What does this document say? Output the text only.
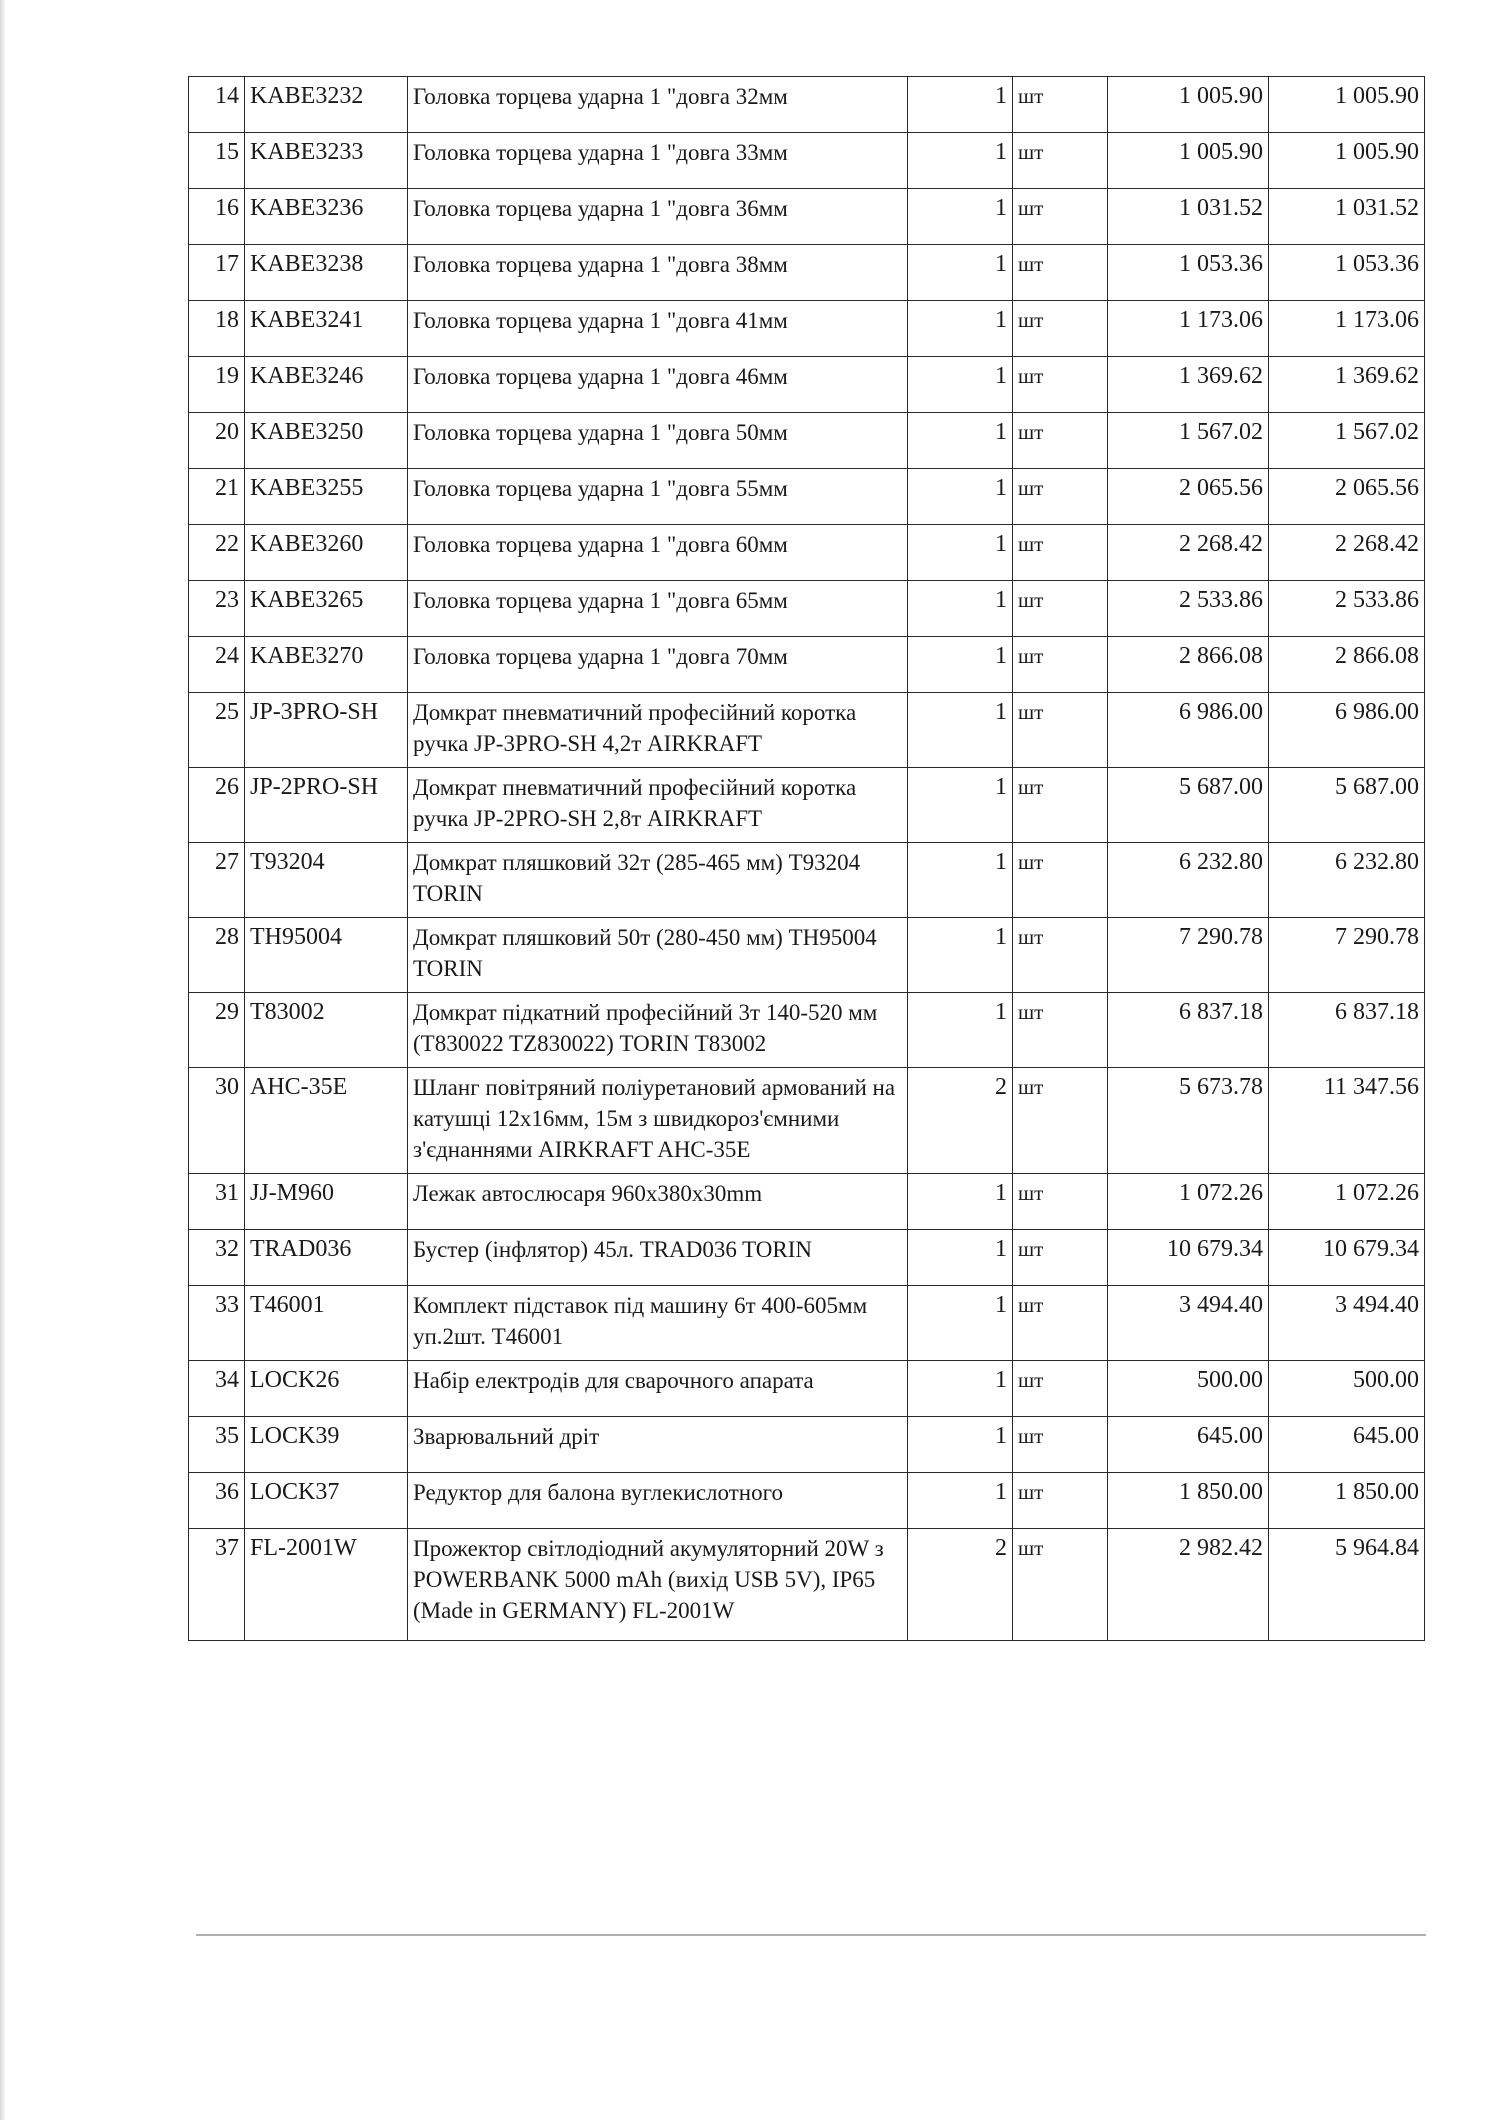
14	KABE3232	Головка торцева ударна 1 "довга 32мм	1	шт	1 005.90	1 005.90
15	KABE3233	Головка торцева ударна 1 "довга 33мм	1	шт	1 005.90	1 005.90
16	KABE3236	Головка торцева ударна 1 "довга 36мм	1	шт	1 031.52	1 031.52
17	KABE3238	Головка торцева ударна 1 "довга 38мм	1	шт	1 053.36	1 053.36
18	KABE3241	Головка торцева ударна 1 "довга 41мм	1	шт	1 173.06	1 173.06
19	KABE3246	Головка торцева ударна 1 "довга 46мм	1	шт	1 369.62	1 369.62
20	KABE3250	Головка торцева ударна 1 "довга 50мм	1	шт	1 567.02	1 567.02
21	KABE3255	Головка торцева ударна 1 "довга 55мм	1	шт	2 065.56	2 065.56
22	KABE3260	Головка торцева ударна 1 "довга 60мм	1	шт	2 268.42	2 268.42
23	KABE3265	Головка торцева ударна 1 "довга 65мм	1	шт	2 533.86	2 533.86
24	KABE3270	Головка торцева ударна 1 "довга 70мм	1	шт	2 866.08	2 866.08
25	JP-3PRO-SH	Домкрат пневматичний професійний коротка ручка JP-3PRO-SH 4,2т AIRKRAFT	1	шт	6 986.00	6 986.00
26	JP-2PRO-SH	Домкрат пневматичний професійний коротка ручка JP-2PRO-SH 2,8т AIRKRAFT	1	шт	5 687.00	5 687.00
27	T93204	Домкрат пляшковий 32т (285-465 мм) T93204 TORIN	1	шт	6 232.80	6 232.80
28	TH95004	Домкрат пляшковий 50т (280-450 мм) TH95004 TORIN	1	шт	7 290.78	7 290.78
29	T83002	Домкрат підкатний професійний 3т 140-520 мм (T830022 TZ830022) TORIN T83002	1	шт	6 837.18	6 837.18
30	AHC-35E	Шланг повітряний поліуретановий армований на катушці 12x16мм, 15м з швидкороз'ємними з'єднаннями AIRKRAFT AHC-35E	2	шт	5 673.78	11 347.56
31	JJ-M960	Лежак автослюсаря 960x380x30mm	1	шт	1 072.26	1 072.26
32	TRAD036	Бустер (інфлятор) 45л. TRAD036 TORIN	1	шт	10 679.34	10 679.34
33	T46001	Комплект підставок під машину 6т 400-605мм уп.2шт. T46001	1	шт	3 494.40	3 494.40
34	LOCK26	Набір електродів для сварочного апарата	1	шт	500.00	500.00
35	LOCK39	Зварювальний дріт	1	шт	645.00	645.00
36	LOCK37	Редуктор для балона вуглекислотного	1	шт	1 850.00	1 850.00
37	FL-2001W	Прожектор світлодіодний акумуляторний 20W з POWERBANK 5000 mAh (вихід USB 5V), IP65 (Made in GERMANY) FL-2001W	2	шт	2 982.42	5 964.84
